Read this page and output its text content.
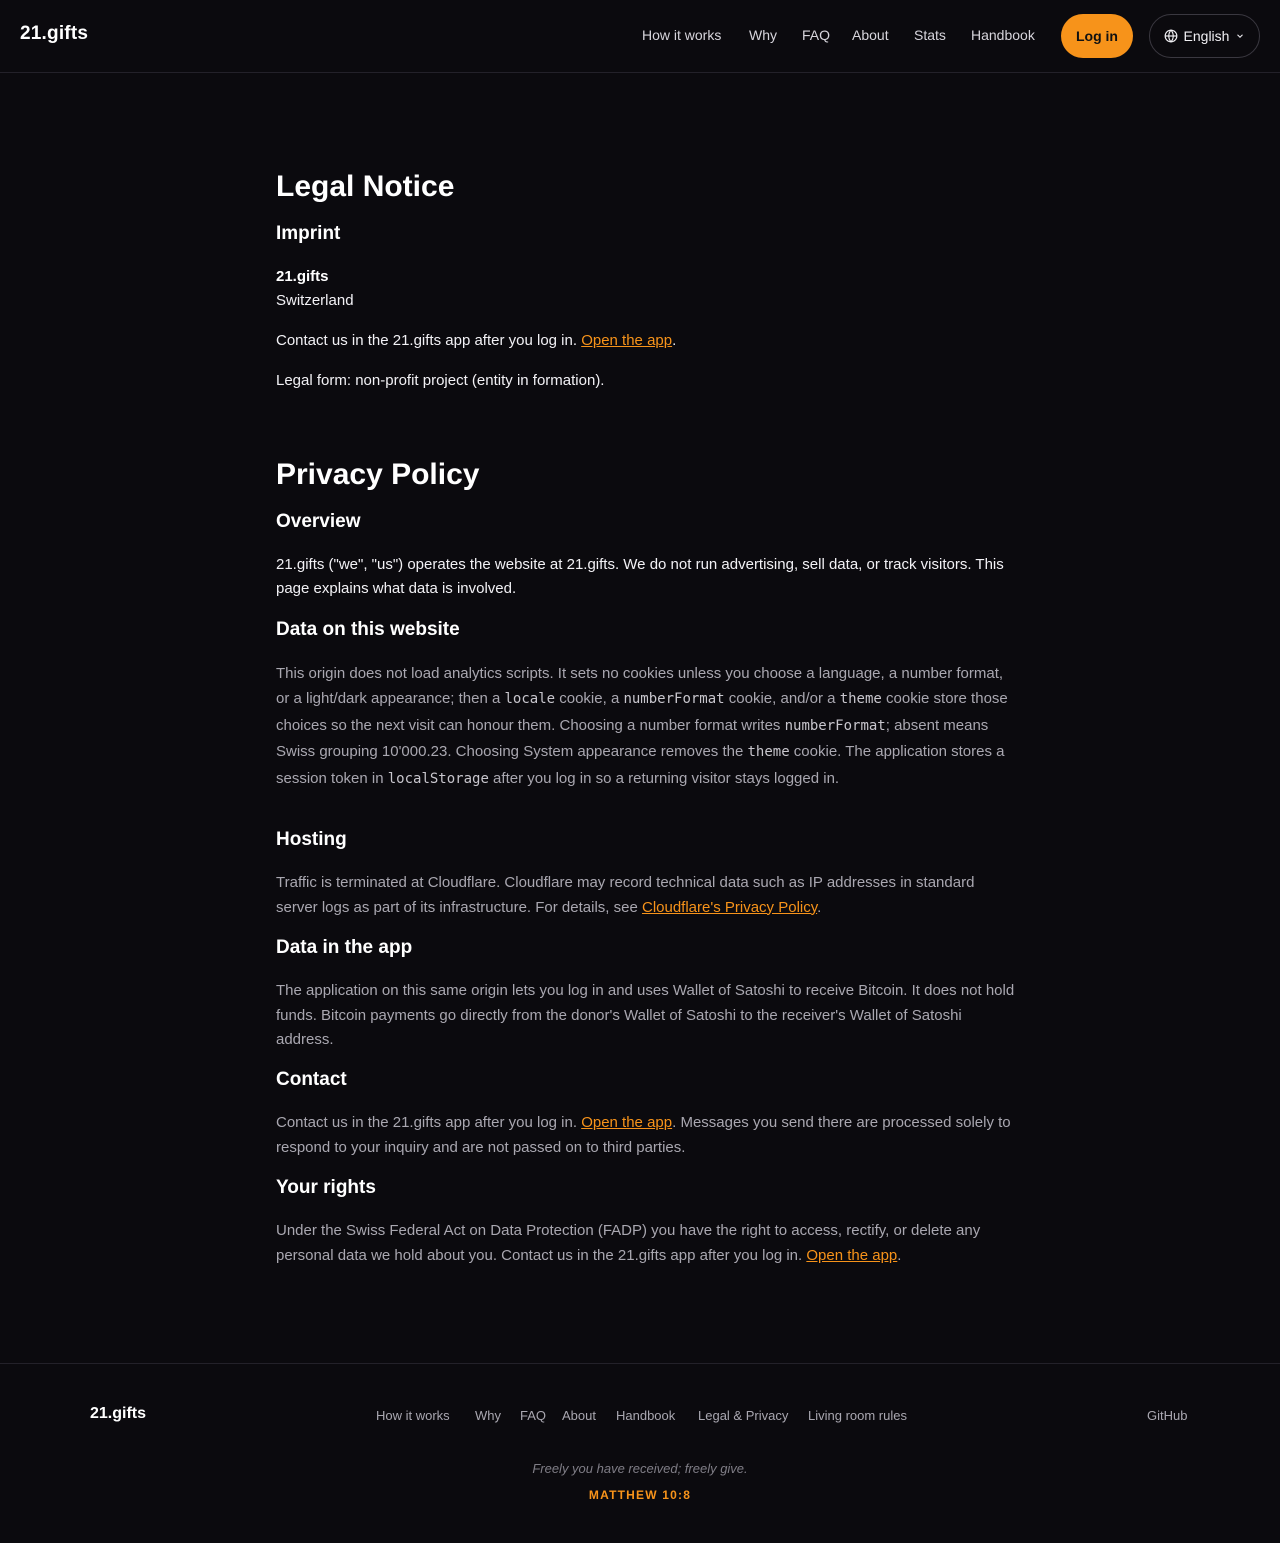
21.gifts	How it works Why FAQ About Stats Handbook	Log in	English
Legal Notice
Imprint
21.gifts
Switzerland

Contact us in the 21.gifts app after you log in. Open the app.

Legal form: non-profit project (entity in formation).

Privacy Policy
Overview

21.gifts ("we", "us") operates the website at 21.gifts. We do not run advertising, sell data, or track visitors. This page explains what data is involved.

Data on this website

This origin does not load analytics scripts. It sets no cookies unless you choose a language, a number format, or a light/dark appearance; then a locale cookie, a numberFormat cookie, and/or a theme cookie store those choices so the next visit can honour them. Choosing a number format writes numberFormat; absent means Swiss grouping 10'000.23. Choosing System appearance removes the theme cookie. The application stores a session token in localStorage after you log in so a returning visitor stays logged in.

Hosting

Traffic is terminated at Cloudflare. Cloudflare may record technical data such as IP addresses in standard server logs as part of its infrastructure. For details, see Cloudflare's Privacy Policy.

Data in the app

The application on this same origin lets you log in and uses Wallet of Satoshi to receive Bitcoin. It does not hold funds. Bitcoin payments go directly from the donor's Wallet of Satoshi to the receiver's Wallet of Satoshi address.

Contact

Contact us in the 21.gifts app after you log in. Open the app. Messages you send there are processed solely to respond to your inquiry and are not passed on to third parties.

Your rights

Under the Swiss Federal Act on Data Protection (FADP) you have the right to access, rectify, or delete any personal data we hold about you. Contact us in the 21.gifts app after you log in. Open the app.

21.gifts	How it works Why FAQ About Handbook Legal & Privacy Living room rules	GitHub
Freely you have received; freely give.
MATTHEW 10:8
